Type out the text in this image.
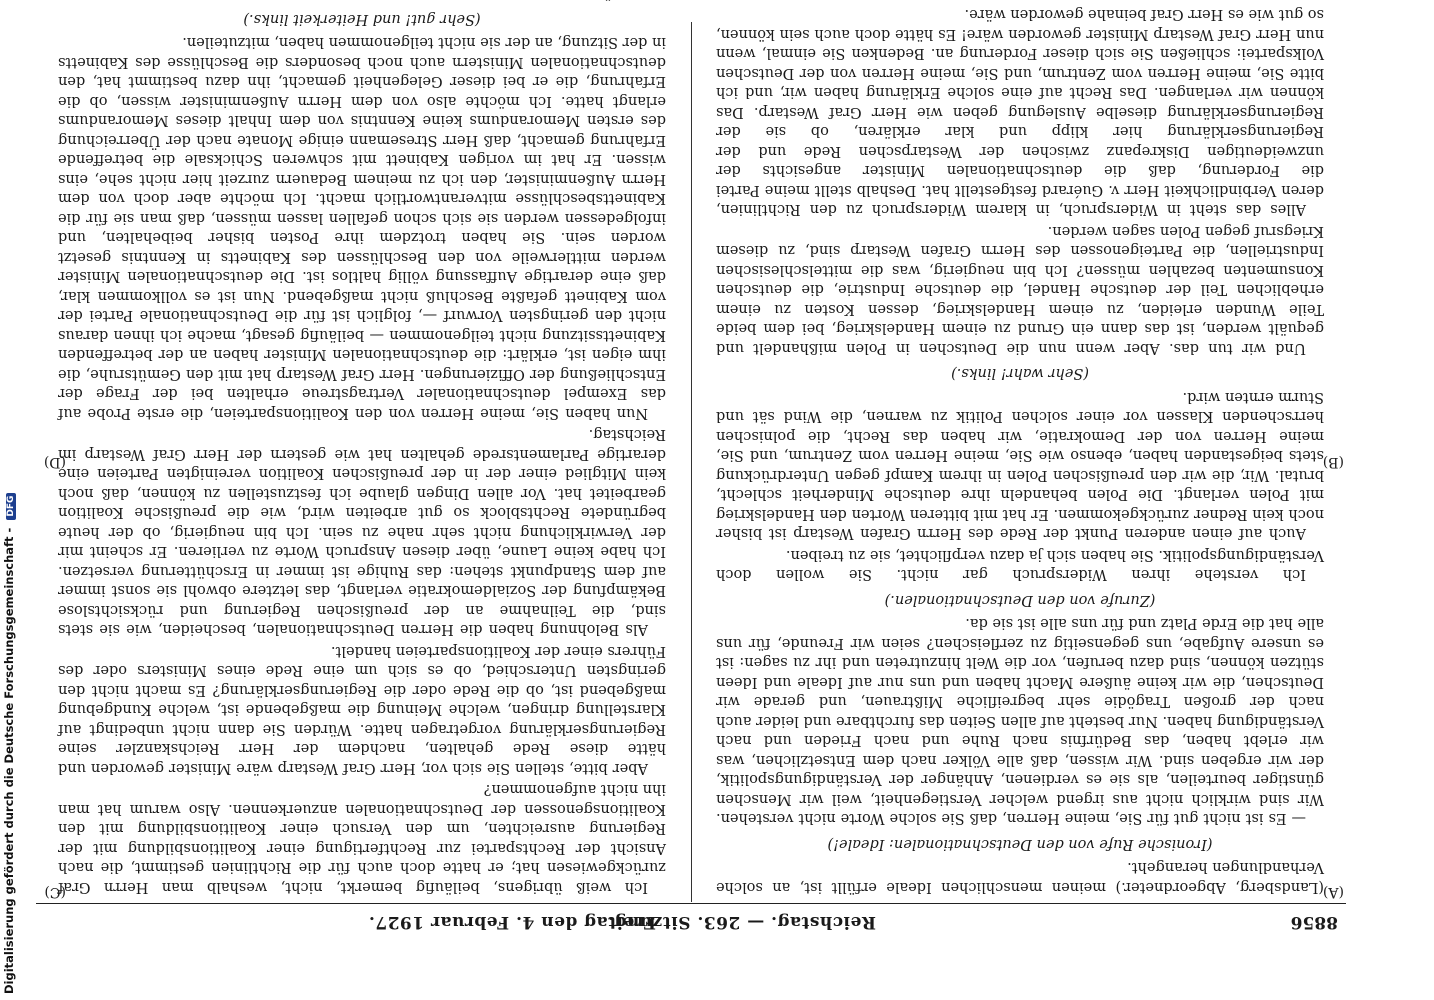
Digitalisierung gefördert durch die Deutsche Forschungsgemeinschaft - DFG
8856
Reichstag. — 263. Sitzung.
Freitag den 4. Februar 1927.
(A)
(B)
(C)
(D)

(Landsberg, Abgeordneter.) meinen menschlichen Ideale erfüllt ist, an solche Verhandlungen herangeht.

(Ironische Rufe von den Deutschnationalen: Ideale!)

— Es ist nicht gut für Sie, meine Herren, daß Sie solche Worte nicht verstehen. Wir sind wirklich nicht aus irgend welcher Verstiegenheit, weil wir Menschen günstiger beurteilen, als sie es verdienen, Anhänger der Verständigungspolitik, der wir ergeben sind. Wir wissen, daß alle Völker nach dem Entsetzlichen, was wir erlebt haben, das Bedürfnis nach Ruhe und nach Frieden und nach Verständigung haben. Nur besteht auf allen Seiten das furchtbare und leider auch nach der großen Tragödie sehr begreifliche Mißtrauen, und gerade wir Deutschen, die wir keine äußere Macht haben und uns nur auf Ideale und Ideen stützen können, sind dazu berufen, vor die Welt hinzutreten und ihr zu sagen: ist es unsere Aufgabe, uns gegenseitig zu zerfleischen? seien wir Freunde, für uns alle hat die Erde Platz und für uns alle ist sie da.

(Zurufe von den Deutschnationalen.)

Ich verstehe ihren Widerspruch gar nicht. Sie wollen doch Verständigungspolitik. Sie haben sich ja dazu verpflichtet, sie zu treiben.

Auch auf einen anderen Punkt der Rede des Herrn Grafen Westarp ist bisher noch kein Redner zurückgekommen. Er hat mit bitteren Worten den Handelskrieg mit Polen verlangt. Die Polen behandeln ihre deutsche Minderheit schlecht, brutal. Wir, die wir den preußischen Polen in ihrem Kampf gegen Unterdrückung stets beigestanden haben, ebenso wie Sie, meine Herren vom Zentrum, und Sie, meine Herren von der Demokratie, wir haben das Recht, die polnischen herrschenden Klassen vor einer solchen Politik zu warnen, die Wind sät und Sturm ernten wird.

(Sehr wahr! links.)

Und wir tun das. Aber wenn nun die Deutschen in Polen mißhandelt und gequält werden, ist das dann ein Grund zu einem Handelskrieg, bei dem beide Teile Wunden erleiden, zu einem Handelskrieg, dessen Kosten zu einem erheblichen Teil der deutsche Handel, die deutsche Industrie, die deutschen Konsumenten bezahlen müssen? Ich bin neugierig, was die mittelschlesischen Industriellen, die Parteigenossen des Herrn Grafen Westarp sind, zu diesem Kriegsruf gegen Polen sagen werden.

Alles das steht in Widerspruch, in klarem Widerspruch zu den Richtlinien, deren Verbindlichkeit Herr v. Guérard festgestellt hat. Deshalb stellt meine Partei die Forderung, daß die deutschnationalen Minister angesichts der unzweideutigen Diskrepanz zwischen der Westarpschen Rede und der Regierungserklärung hier klipp und klar erklären, ob sie der Regierungserklärung dieselbe Auslegung geben wie Herr Graf Westarp. Das können wir verlangen. Das Recht auf eine solche Erklärung haben wir, und ich bitte Sie, meine Herren vom Zentrum, und Sie, meine Herren von der Deutschen Volkspartei: schließen Sie sich dieser Forderung an. Bedenken Sie einmal, wenn nun Herr Graf Westarp Minister geworden wäre! Es hätte doch auch sein können, so gut wie es Herr Graf beinahe geworden wäre.

Ich weiß übrigens, beiläufig bemerkt, nicht, weshalb man Herrn Graf zurückgewiesen hat; er hatte doch auch für die Richtlinien gestimmt, die nach Ansicht der Rechtspartei zur Rechtfertigung einer Koalitionsbildung mit der Regierung ausreichten, um den Versuch einer Koalitionsbildung mit den Koalitionsgenossen der Deutschnationalen anzuerkennen. Also warum hat man ihn nicht aufgenommen?

Aber bitte, stellen Sie sich vor, Herr Graf Westarp wäre Minister geworden und hätte diese Rede gehalten, nachdem der Herr Reichskanzler seine Regierungserklärung vorgetragen hatte. Würden Sie dann nicht unbedingt auf Klarstellung dringen, welche Meinung die maßgebende ist, welche Kundgebung maßgebend ist, ob die Rede oder die Regierungserklärung? Es macht nicht den geringsten Unterschied, ob es sich um eine Rede eines Ministers oder des Führers einer der Koalitionsparteien handelt.

Als Belohnung haben die Herren Deutschnationalen, bescheiden, wie sie stets sind, die Teilnahme an der preußischen Regierung und rücksichtslose Bekämpfung der Sozialdemokratie verlangt, das letztere obwohl sie sonst immer auf dem Standpunkt stehen: das Ruhige ist immer in Erschütterung versetzen. Ich habe keine Laune, über diesen Anspruch Worte zu verlieren. Er scheint mir der Verwirklichung nicht sehr nahe zu sein. Ich bin neugierig, ob der heute begründete Rechtsblock so gut arbeiten wird, wie die preußische Koalition gearbeitet hat. Vor allen Dingen glaube ich festzustellen zu können, daß noch kein Mitglied einer der in der preußischen Koalition vereinigten Parteien eine derartige Parlamentsrede gehalten hat wie gestern der Herr Graf Westarp im Reichstag.

Nun haben Sie, meine Herren von den Koalitionsparteien, die erste Probe auf das Exempel deutschnationaler Vertragstreue erhalten bei der Frage der Entschließung der Offizierungen. Herr Graf Westarp hat mit den Gemütsruhe, die ihm eigen ist, erklärt: die deutschnationalen Minister haben an der betreffenden Kabinettssitzung nicht teilgenommen — beiläufig gesagt, mache ich ihnen daraus nicht den geringsten Vorwurf —, folglich ist für die Deutschnationale Partei der vom Kabinett gefaßte Beschluß nicht maßgebend. Nun ist es vollkommen klar, daß eine derartige Auffassung völlig haltlos ist. Die deutschnationalen Minister werden mittlerweile von den Beschlüssen des Kabinetts in Kenntnis gesetzt worden sein. Sie haben trotzdem ihre Posten bisher beibehalten, und infolgedessen werden sie sich schon gefallen lassen müssen, daß man sie für die Kabinettsbeschlüsse mitverantwortlich macht. Ich möchte aber doch von dem Herrn Außenminister, den ich zu meinem Bedauern zurzeit hier nicht sehe, eins wissen. Er hat im vorigen Kabinett mit schweren Schicksale die betreffende Erfahrung gemacht, daß Herr Stresemann einige Monate nach der Überreichung des ersten Memorandums keine Kenntnis von dem Inhalt dieses Memorandums erlangt hatte. Ich möchte also von dem Herrn Außenminister wissen, ob die Erfahrung, die er bei dieser Gelegenheit gemacht, ihn dazu bestimmt hat, den deutschnationalen Ministern auch noch besonders die Beschlüsse des Kabinetts in der Sitzung, an der sie nicht teilgenommen haben, mitzuteilen.

(Sehr gut! und Heiterkeit links.)
